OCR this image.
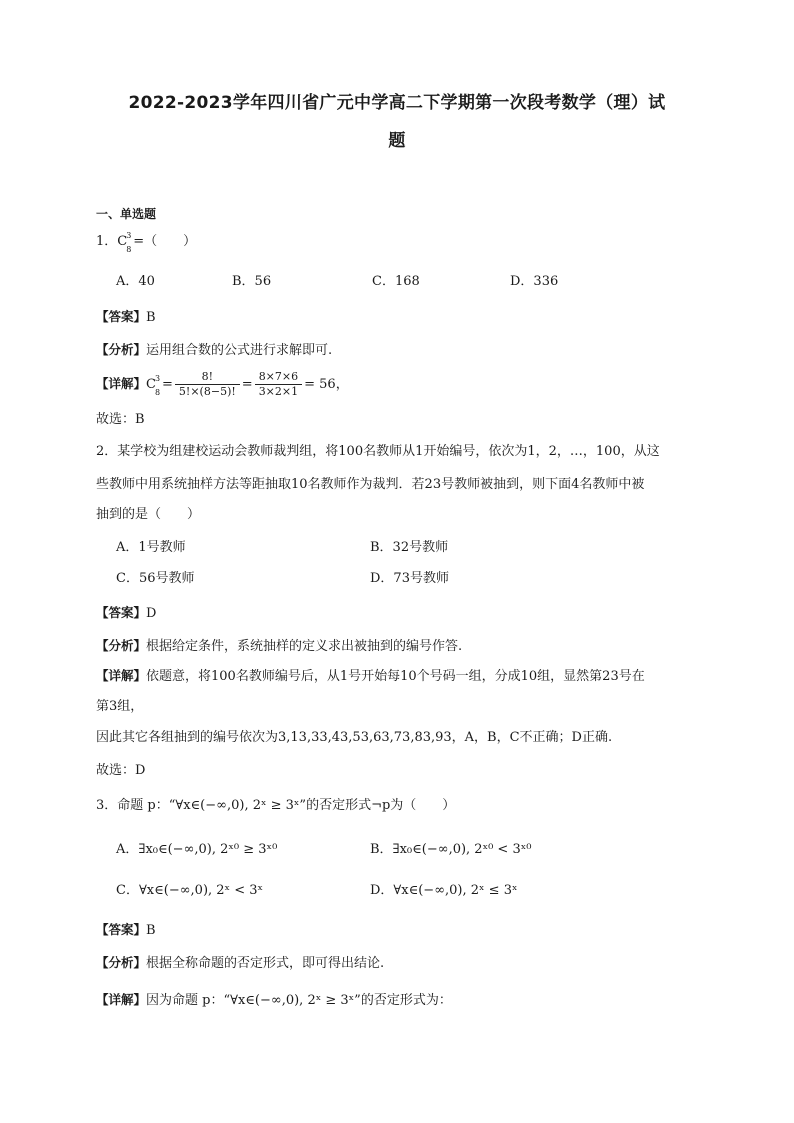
2022-2023学年四川省广元中学高二下学期第一次段考数学（理）试
题
一、单选题
1．C 3
8
=（　　）
A．40	B．56	C．168	D．336
【答案】B
【分析】运用组合数的公式进行求解即可.
【详解】C 3
8
= $\frac{8!}{5!\times(8-5)!} = \frac{8\times 7\times 6}{3\times 2\times 1} = 56$，
故选：B
2．某学校为组建校运动会教师裁判组，将100名教师从1开始编号，依次为1，2，…，100，从这
些教师中用系统抽样方法等距抽取10名教师作为裁判．若23号教师被抽到，则下面4名教师中被
抽到的是（　　）
A．1号教师	B．32号教师
C．56号教师	D．73号教师
【答案】D
【分析】根据给定条件，系统抽样的定义求出被抽到的编号作答.
【详解】依题意，将100名教师编号后，从1号开始每10个号码一组，分成10组，显然第23号在
第3组，
因此其它各组抽到的编号依次为3,13,33,43,53,63,73,83,93，A，B，C不正确；D正确.
故选：D
3．命题 p：“∀x∈(−∞,0), 2ˣ ≥ 3ˣ”的否定形式¬p为（　　）
A．∃x₀∈(−∞,0), 2ˣ⁰ ≥ 3ˣ⁰	B．∃x₀∈(−∞,0), 2ˣ⁰ < 3ˣ⁰
C．∀x∈(−∞,0), 2ˣ < 3ˣ	D．∀x∈(−∞,0), 2ˣ ≤ 3ˣ
【答案】B
【分析】根据全称命题的否定形式，即可得出结论.
【详解】因为命题 p：“∀x∈(−∞,0), 2ˣ ≥ 3ˣ”的否定形式为：
